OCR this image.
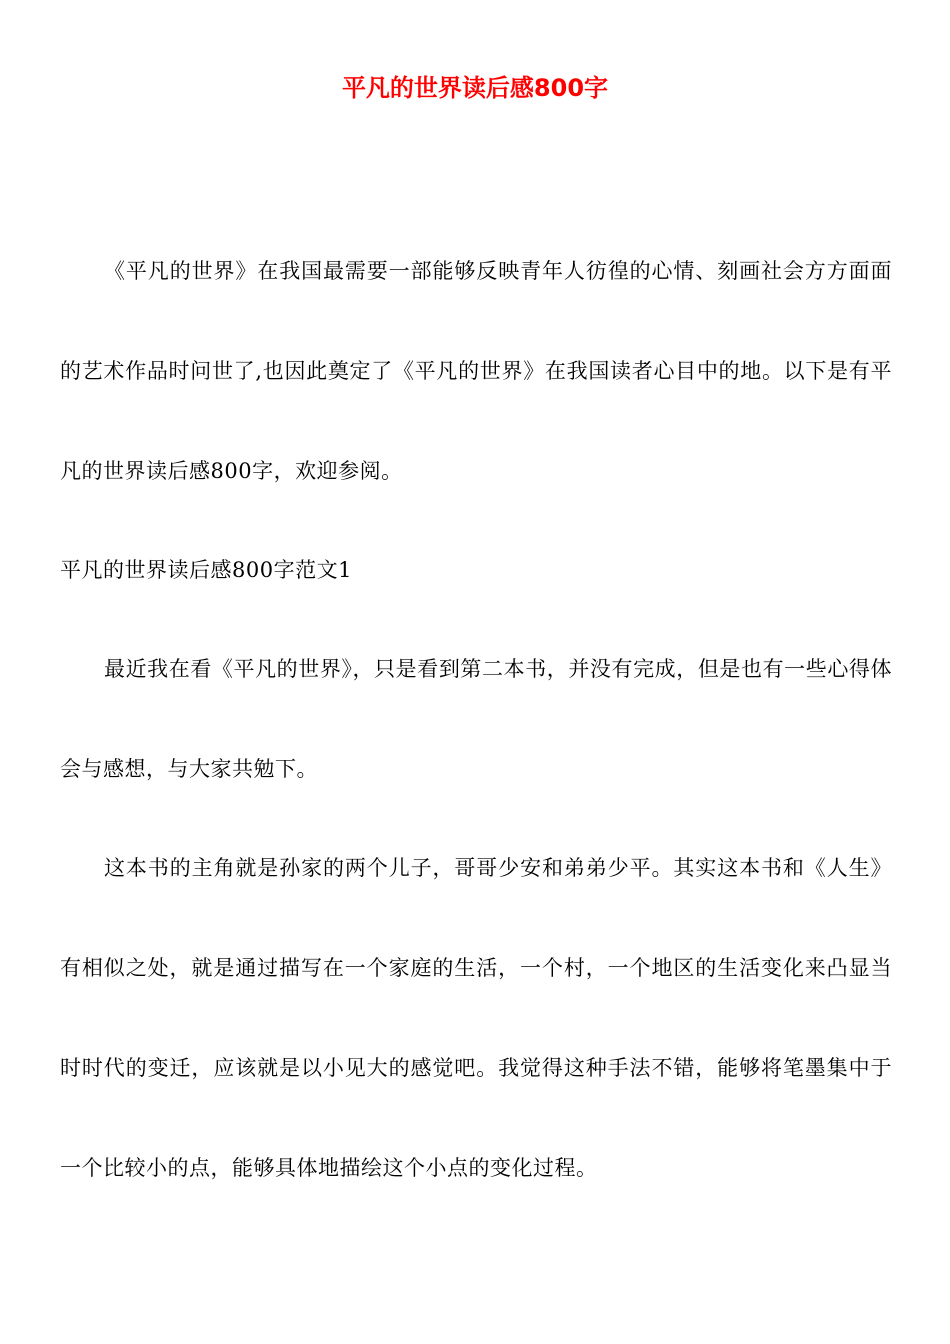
平凡的世界读后感800字

《平凡的世界》在我国最需要一部能够反映青年人彷徨的心情、刻画社会方方面面的艺术作品时问世了,也因此奠定了《平凡的世界》在我国读者心目中的地。以下是有平凡的世界读后感800字，欢迎参阅。

平凡的世界读后感800字范文1

最近我在看《平凡的世界》，只是看到第二本书，并没有完成，但是也有一些心得体会与感想，与大家共勉下。

这本书的主角就是孙家的两个儿子，哥哥少安和弟弟少平。其实这本书和《人生》有相似之处，就是通过描写在一个家庭的生活，一个村，一个地区的生活变化来凸显当时时代的变迁，应该就是以小见大的感觉吧。我觉得这种手法不错，能够将笔墨集中于一个比较小的点，能够具体地描绘这个小点的变化过程。
